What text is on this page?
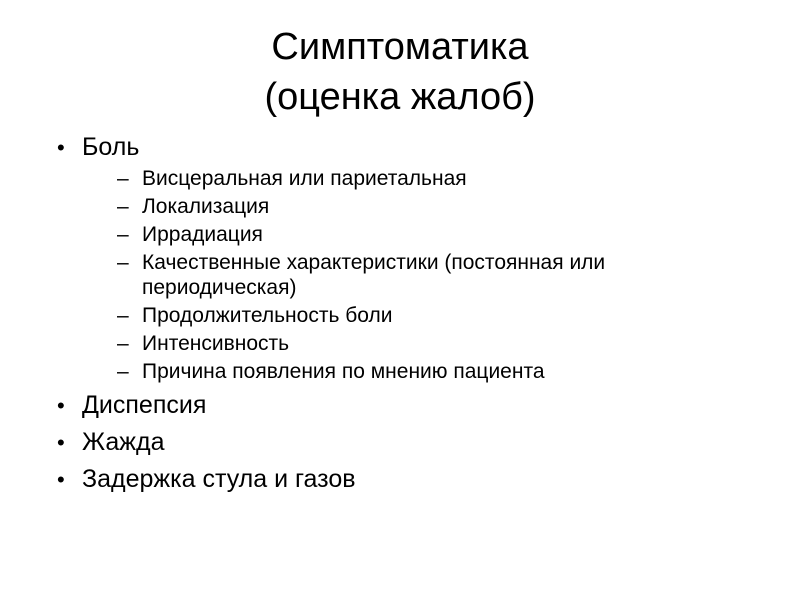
Симптоматика
(оценка жалоб)
• Боль
– Висцеральная или париетальная
– Локализация
– Иррадиация
– Качественные характеристики (постоянная или периодическая)
– Продолжительность боли
– Интенсивность
– Причина появления по мнению пациента
• Диспепсия
• Жажда
• Задержка стула и газов
